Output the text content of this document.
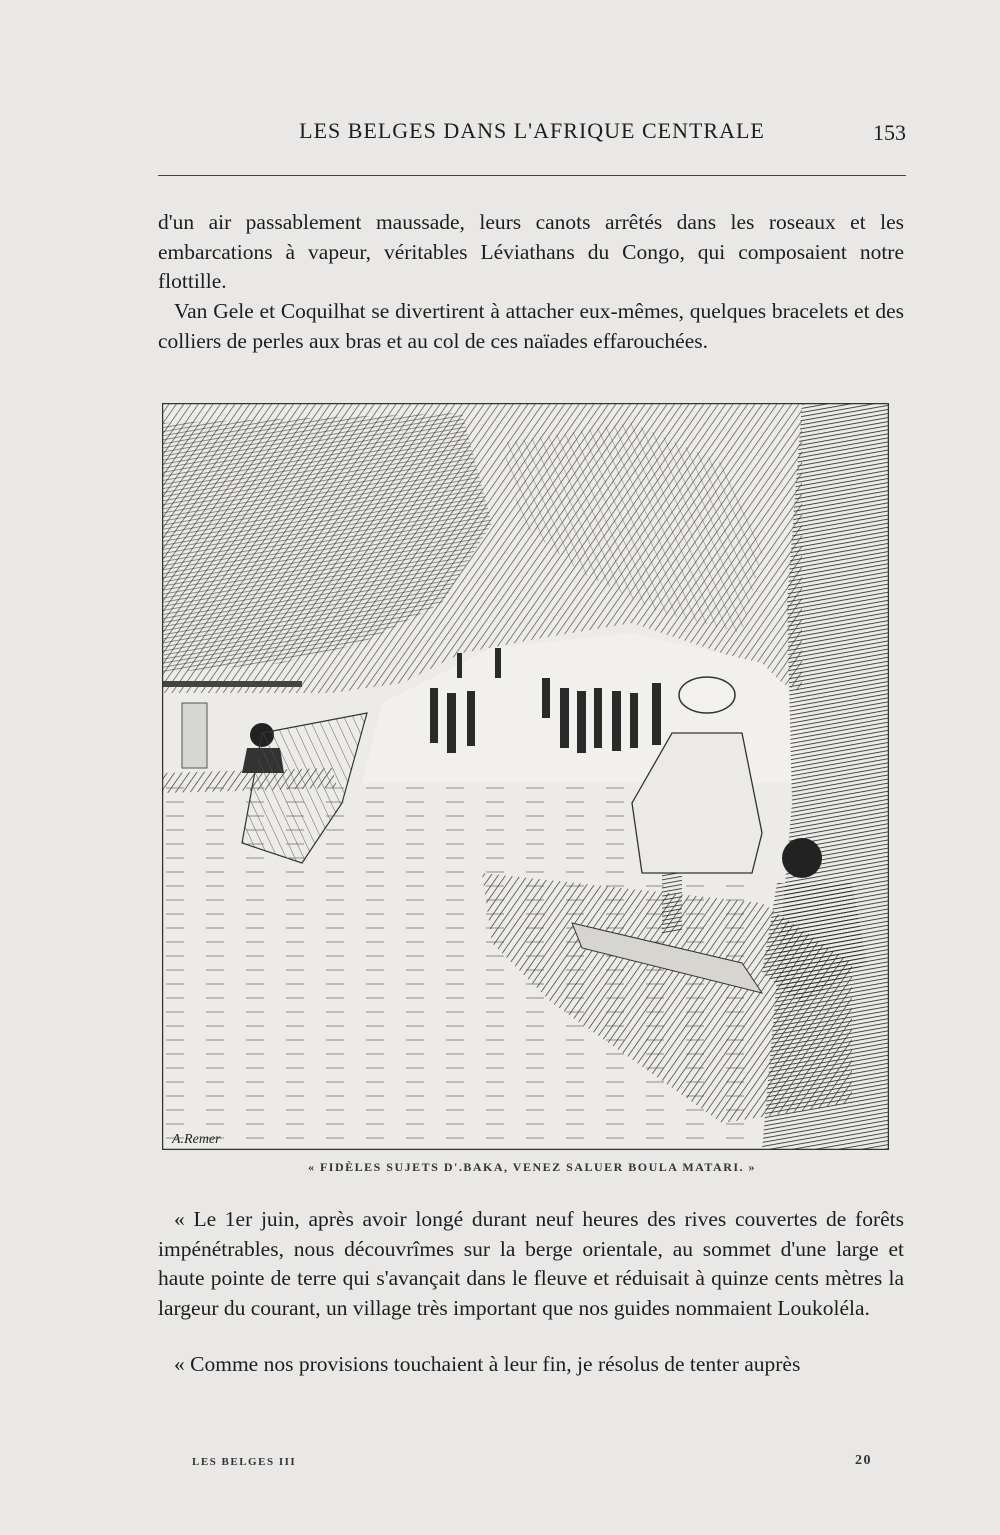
LES BELGES DANS L'AFRIQUE CENTRALE	153

d'un air passablement maussade, leurs canots arrêtés dans les roseaux et les embarcations à vapeur, véritables Léviathans du Congo, qui composaient notre flottille.

Van Gele et Coquilhat se divertirent à attacher eux-mêmes, quelques bracelets et des colliers de perles aux bras et au col de ces naïades effarouchées.

A.Remer
« FIDÈLES SUJETS D'.BAKA, VENEZ SALUER BOULA MATARI. »

« Le 1er juin, après avoir longé durant neuf heures des rives couvertes de forêts impénétrables, nous découvrîmes sur la berge orientale, au sommet d'une large et haute pointe de terre qui s'avançait dans le fleuve et réduisait à quinze cents mètres la largeur du courant, un village très important que nos guides nommaient Loukoléla.

« Comme nos provisions touchaient à leur fin, je résolus de tenter auprès

LES BELGES III	20
